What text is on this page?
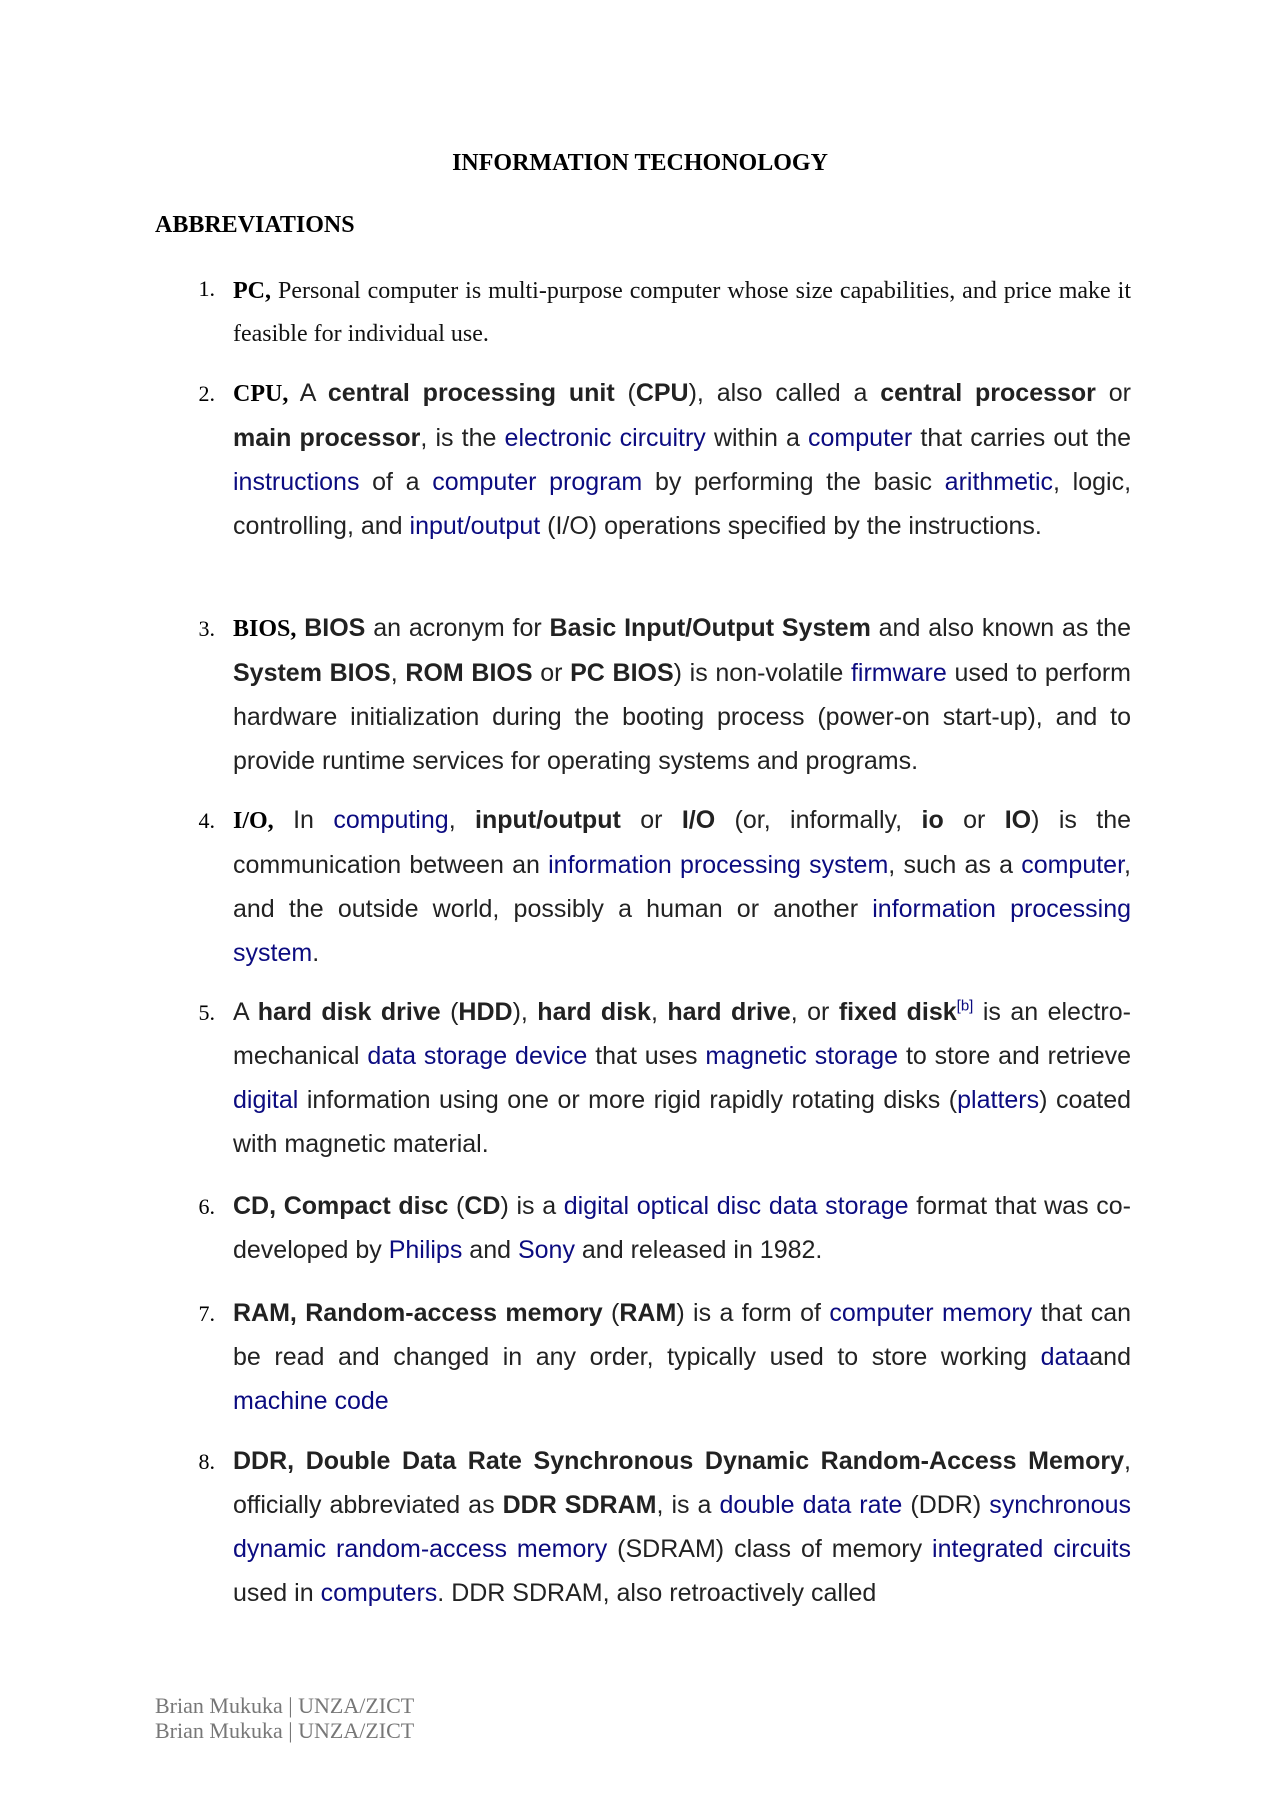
INFORMATION TECHONOLOGY
ABBREVIATIONS
1. PC, Personal computer is multi-purpose computer whose size capabilities, and price make it feasible for individual use.

2. CPU, A central processing unit (CPU), also called a central processor or main processor, is the electronic circuitry within a computer that carries out the instructions of a computer program by performing the basic arithmetic, logic, controlling, and input/output (I/O) operations specified by the instructions.

3. BIOS, BIOS an acronym for Basic Input/Output System and also known as the System BIOS, ROM BIOS or PC BIOS) is non-volatile firmware used to perform hardware initialization during the booting process (power-on start-up), and to provide runtime services for operating systems and programs.

4. I/O, In computing, input/output or I/O (or, informally, io or IO) is the communication between an information processing system, such as a computer, and the outside world, possibly a human or another information processing system.

5. A hard disk drive (HDD), hard disk, hard drive, or fixed disk[b] is an electro-mechanical data storage device that uses magnetic storage to store and retrieve digital information using one or more rigid rapidly rotating disks (platters) coated with magnetic material.

6. CD, Compact disc (CD) is a digital optical disc data storage format that was co-developed by Philips and Sony and released in 1982.

7. RAM, Random-access memory (RAM) is a form of computer memory that can be read and changed in any order, typically used to store working dataand machine code

8. DDR, Double Data Rate Synchronous Dynamic Random-Access Memory, officially abbreviated as DDR SDRAM, is a double data rate (DDR) synchronous dynamic random-access memory (SDRAM) class of memory integrated circuits used in computers. DDR SDRAM, also retroactively called

Brian Mukuka | UNZA/ZICT
Brian Mukuka | UNZA/ZICT
